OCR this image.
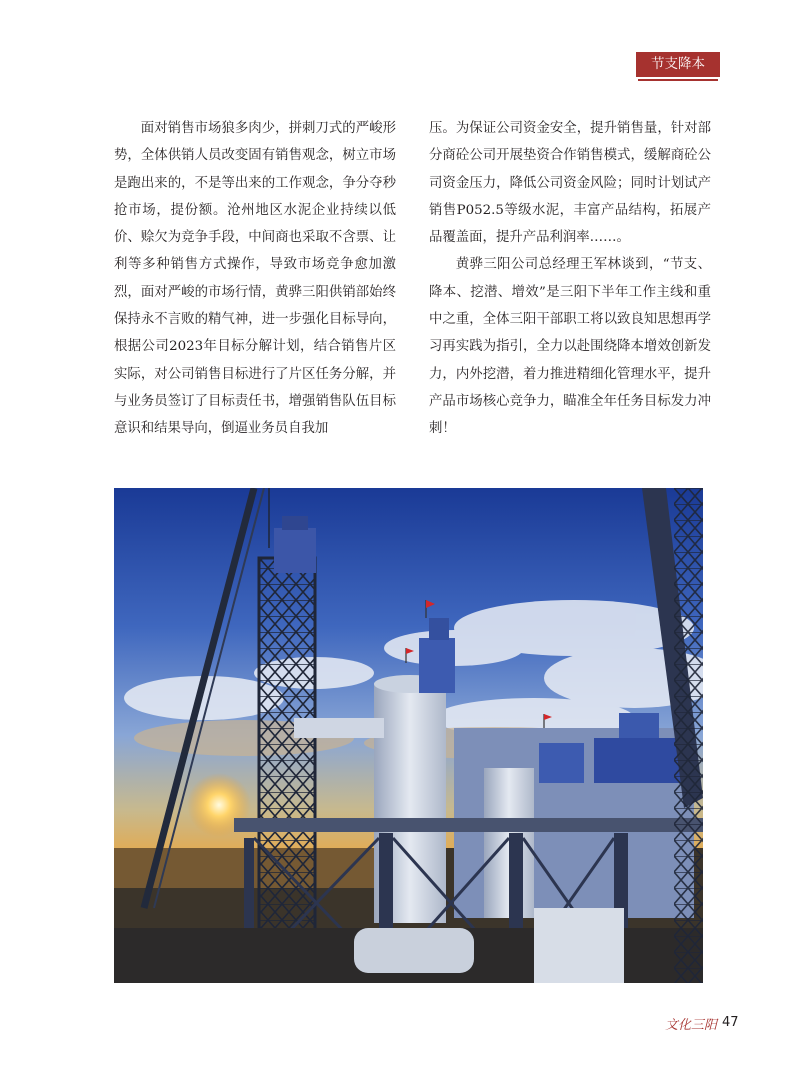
节支降本

面对销售市场狼多肉少，拼刺刀式的严峻形势，全体供销人员改变固有销售观念，树立市场是跑出来的，不是等出来的工作观念，争分夺秒抢市场，提份额。沧州地区水泥企业持续以低价、赊欠为竞争手段，中间商也采取不含票、让利等多种销售方式操作，导致市场竞争愈加激烈，面对严峻的市场行情，黄骅三阳供销部始终保持永不言败的精气神，进一步强化目标导向，根据公司2023年目标分解计划，结合销售片区实际，对公司销售目标进行了片区任务分解，并与业务员签订了目标责任书，增强销售队伍目标意识和结果导向，倒逼业务员自我加

压。为保证公司资金安全，提升销售量，针对部分商砼公司开展垫资合作销售模式，缓解商砼公司资金压力，降低公司资金风险；同时计划试产销售P052.5等级水泥，丰富产品结构，拓展产品覆盖面，提升产品利润率……。

黄骅三阳公司总经理王军林谈到，“节支、降本、挖潜、增效”是三阳下半年工作主线和重中之重，全体三阳干部职工将以致良知思想再学习再实践为指引，全力以赴围绕降本增效创新发力，内外挖潜，着力推进精细化管理水平，提升产品市场核心竞争力，瞄准全年任务目标发力冲刺！

文化三阳 47
